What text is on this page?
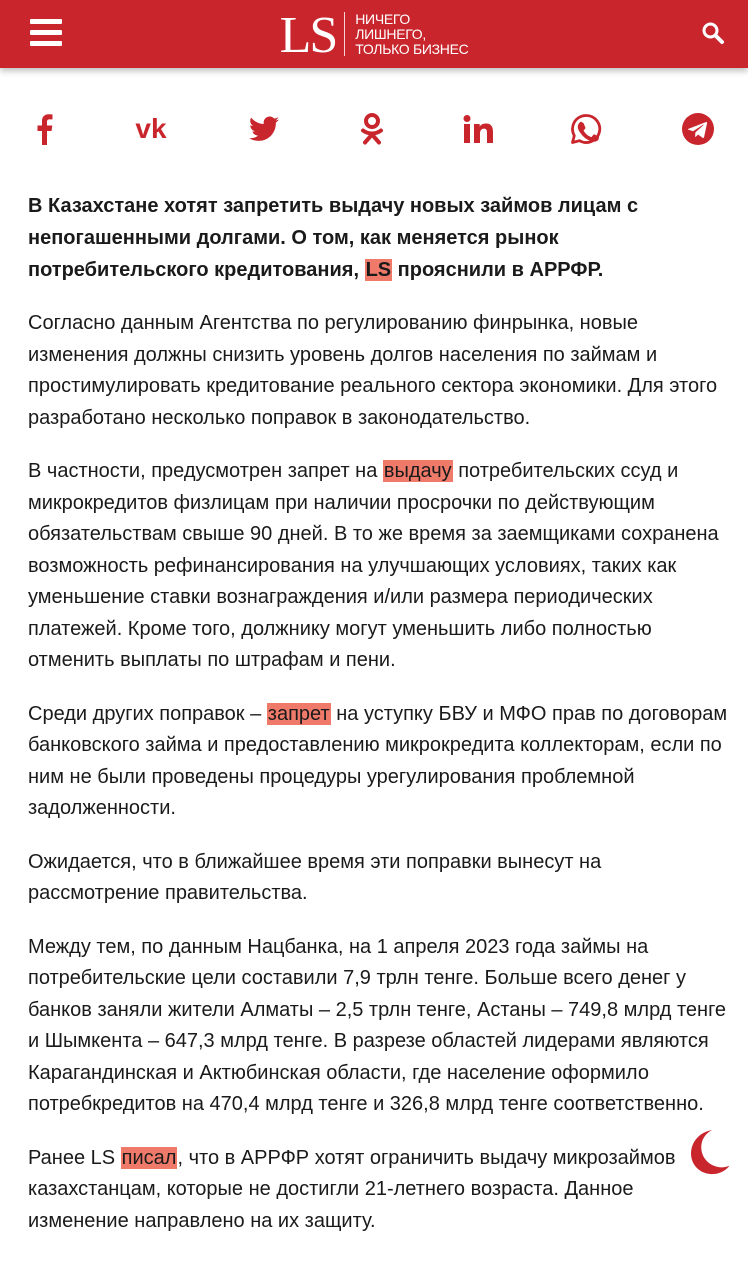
LS НИЧЕГО
ЛИШНЕГО,
ТОЛЬКО БИЗНЕС
vk

В Казахстане хотят запретить выдачу новых займов лицам с непогашенными долгами. О том, как меняется рынок потребительского кредитования, LS прояснили в АРРФР.

Согласно данным Агентства по регулированию финрынка, новые изменения должны снизить уровень долгов населения по займам и простимулировать кредитование реального сектора экономики. Для этого разработано несколько поправок в законодательство.

В частности, предусмотрен запрет на выдачу потребительских ссуд и микрокредитов физлицам при наличии просрочки по действующим обязательствам свыше 90 дней. В то же время за заемщиками сохранена возможность рефинансирования на улучшающих условиях, таких как уменьшение ставки вознаграждения и/или размера периодических платежей. Кроме того, должнику могут уменьшить либо полностью отменить выплаты по штрафам и пени.

Среди других поправок – запрет на уступку БВУ и МФО прав по договорам банковского займа и предоставлению микрокредита коллекторам, если по ним не были проведены процедуры урегулирования проблемной задолженности.

Ожидается, что в ближайшее время эти поправки вынесут на рассмотрение правительства.

Между тем, по данным Нацбанка, на 1 апреля 2023 года займы на потребительские цели составили 7,9 трлн тенге. Больше всего денег у банков заняли жители Алматы – 2,5 трлн тенге, Астаны – 749,8 млрд тенге и Шымкента – 647,3 млрд тенге. В разрезе областей лидерами являются Карагандинская и Актюбинская области, где население оформило потребкредитов на 470,4 млрд тенге и 326,8 млрд тенге соответственно.

Ранее LS писал, что в АРРФР хотят ограничить выдачу микрозаймов казахстанцам, которые не достигли 21-летнего возраста. Данное изменение направлено на их защиту.
